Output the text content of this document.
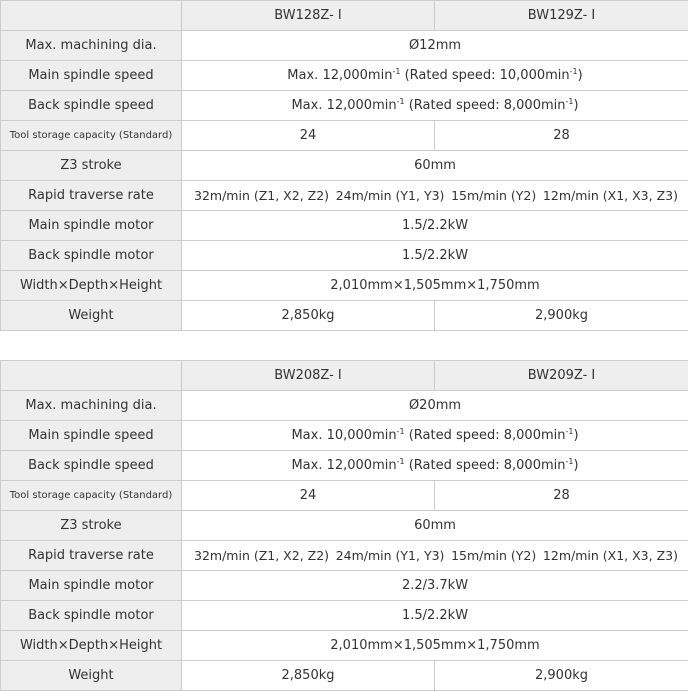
	BW128Z- Ⅰ	BW129Z- Ⅰ
Max. machining dia.	Ø12mm	
Main spindle speed	Max. $12,000\min^{-1}$ (Rated speed: $10,000\min^{-1}$)	
Back spindle speed	Max. $12,000\min^{-1}$ (Rated speed: $8,000\min^{-1}$)	
Tool storage capacity (Standard)	24	28
Z3 stroke	60mm	
Rapid traverse rate	32m/min (Z1, X2, Z2) 24m/min (Y1, Y3) 15m/min (Y2) 12m/min (X1, X3, Z3)	

Main spindle motor	1.5/2.2kW	
Back spindle motor	1.5/2.2kW	
Width×Depth×Height	2,010mm×1,505mm×1,750mm	
Weight	2,850kg	2,900kg
	BW208Z- Ⅰ	BW209Z- Ⅰ
Max. machining dia.	Ø20mm	
Main spindle speed	Max. $10,000\min^{-1}$ (Rated speed: $8,000\min^{-1}$)	
Back spindle speed	Max. $12,000\min^{-1}$ (Rated speed: $8,000\min^{-1}$)	
Tool storage capacity (Standard)	24	28
Z3 stroke	60mm	
Rapid traverse rate	32m/min (Z1, X2, Z2) 24m/min (Y1, Y3) 15m/min (Y2) 12m/min (X1, X3, Z3)	

Main spindle motor	2.2/3.7kW	
Back spindle motor	1.5/2.2kW	
Width×Depth×Height	2,010mm×1,505mm×1,750mm	
Weight	2,850kg	2,900kg
